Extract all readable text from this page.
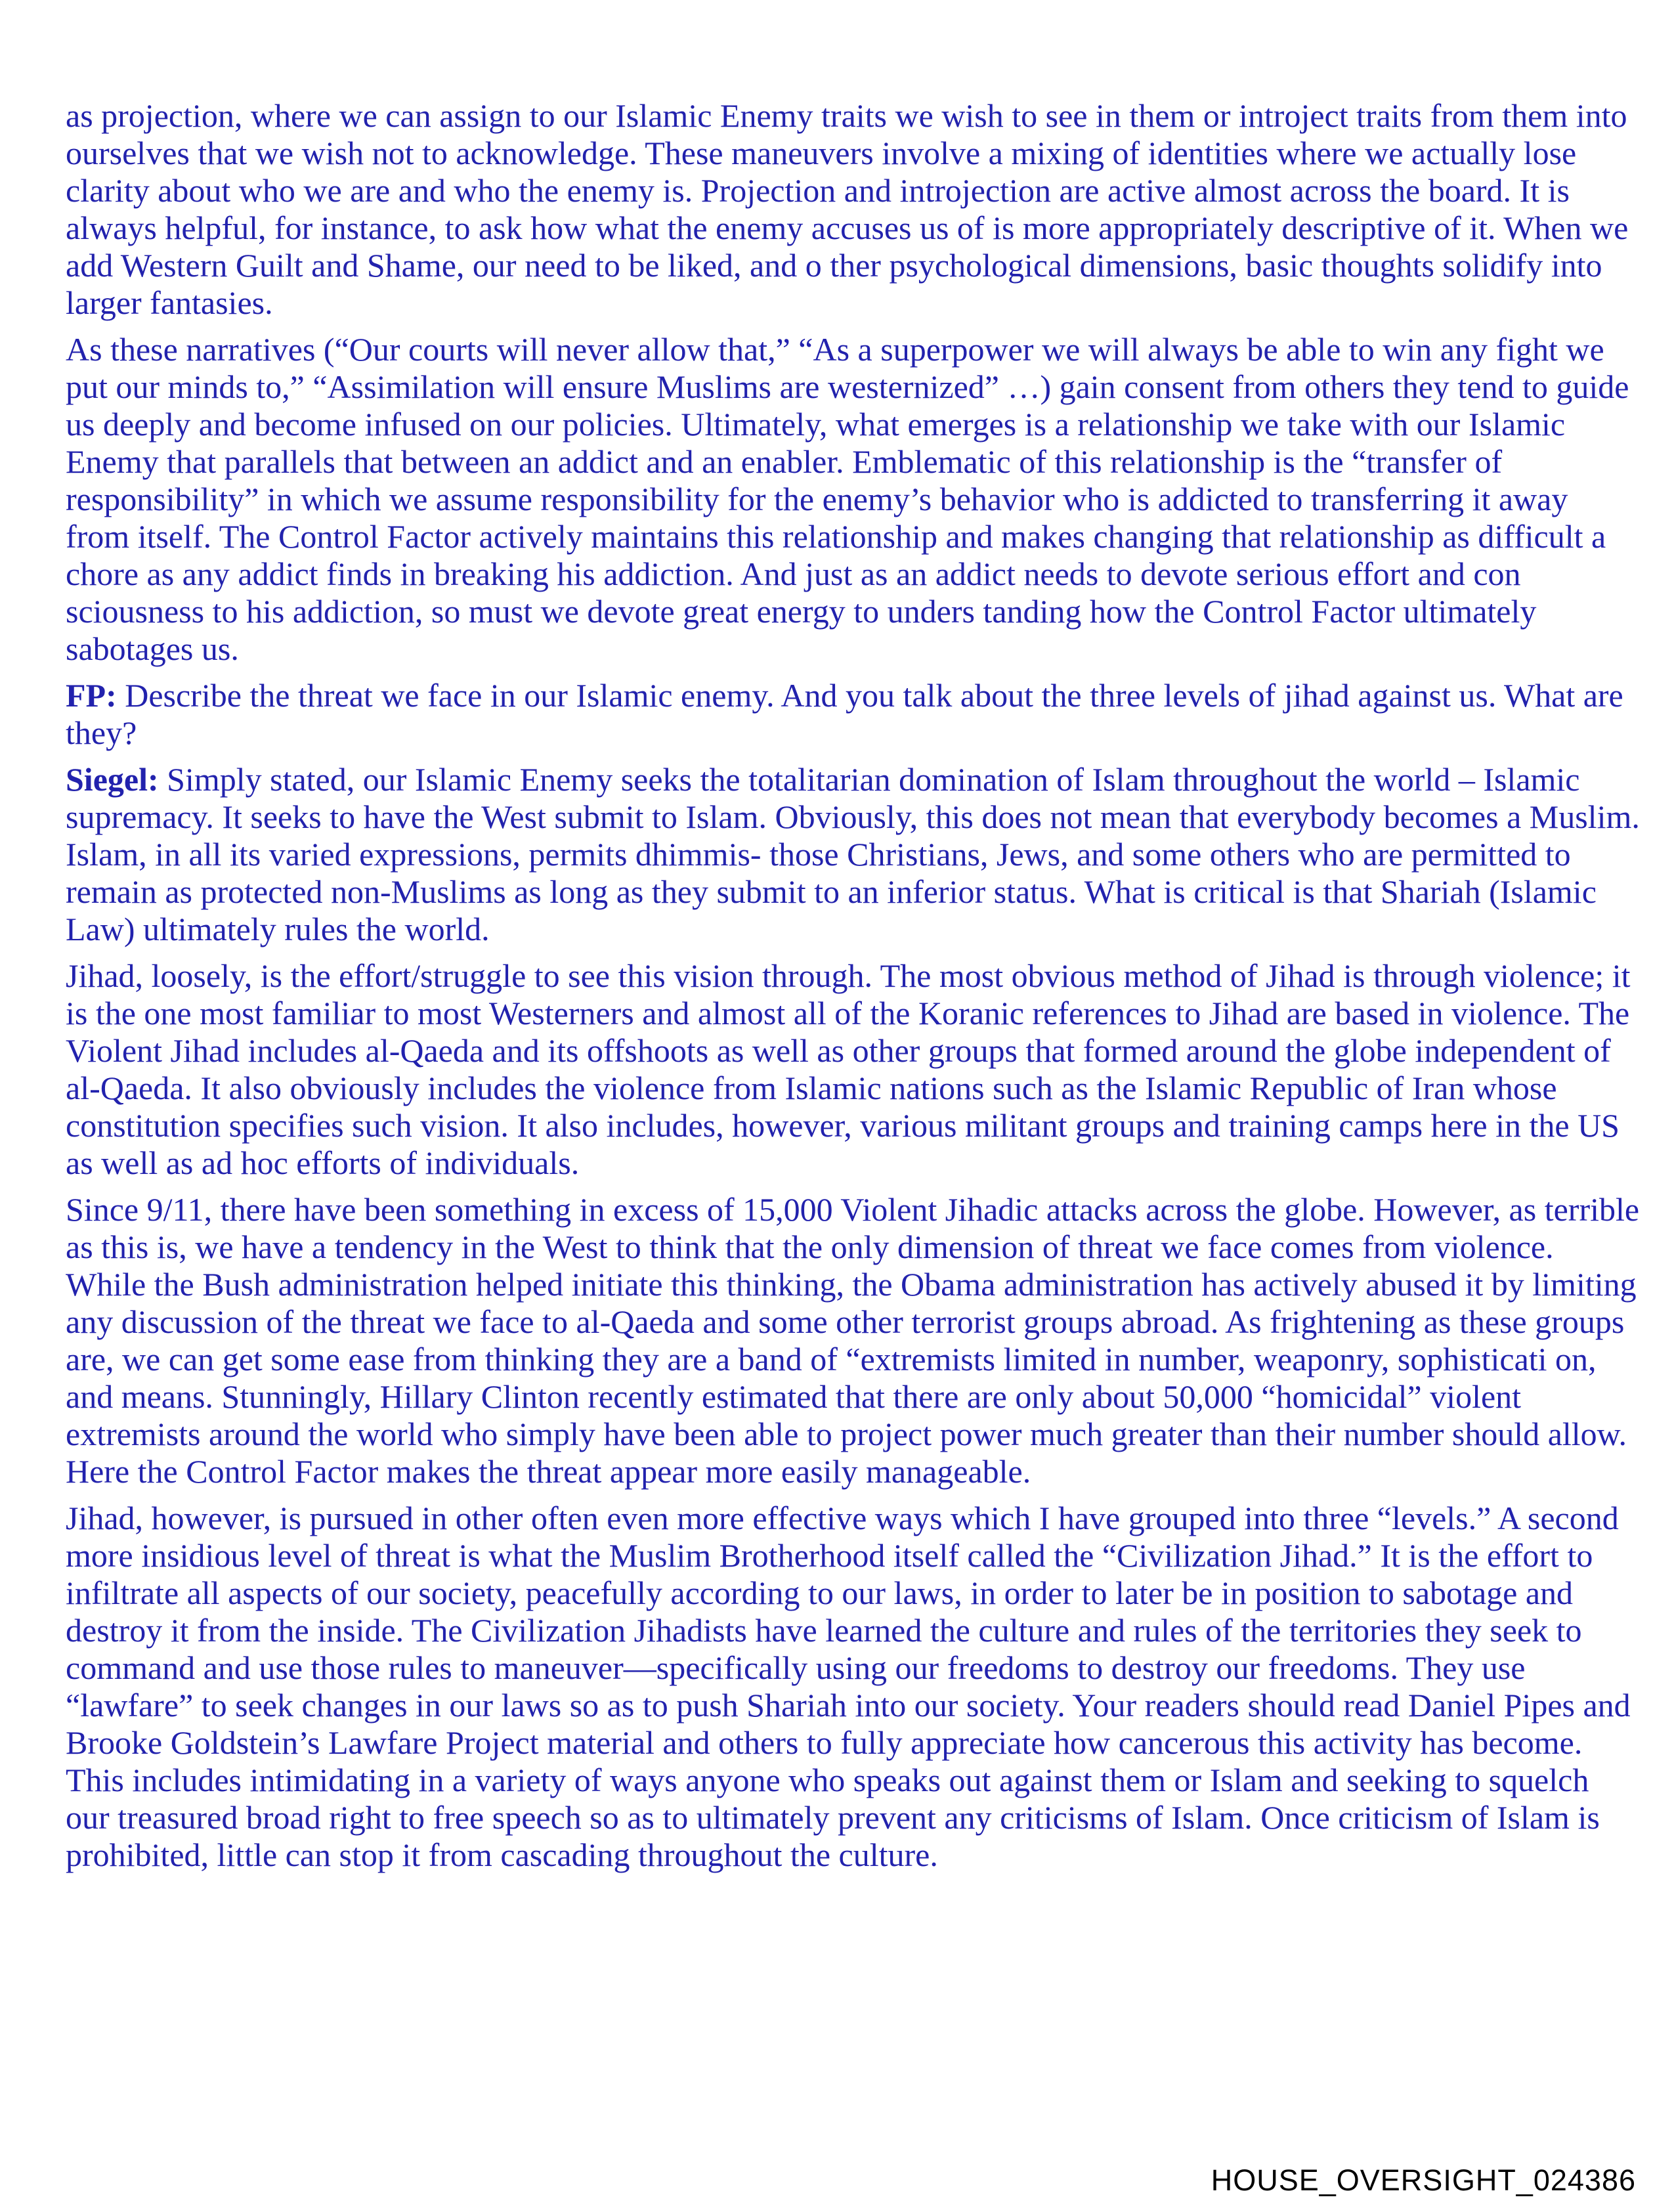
as projection, where we can assign to our Islamic Enemy traits we wish to see in them or introject traits from them into ourselves that we wish not to acknowledge. These maneuvers involve a mixing of identities where we actually lose clarity about who we are and who the enemy is. Projection and introjection are active almost across the board. It is always helpful, for instance, to ask how what the enemy accuses us of is more appropriately descriptive of it. When we add Western Guilt and Shame, our need to be liked, and o ther psychological dimensions, basic thoughts solidify into larger fantasies.

As these narratives (“Our courts will never allow that,” “As a superpower we will always be able to win any fight we put our minds to,” “Assimilation will ensure Muslims are westernized” …) gain consent from others they tend to guide us deeply and become infused on our policies. Ultimately, what emerges is a relationship we take with our Islamic Enemy that parallels that between an addict and an enabler. Emblematic of this relationship is the “transfer of responsibility” in which we assume responsibility for the enemy’s behavior who is addicted to transferring it away from itself. The Control Factor actively maintains this relationship and makes changing that relationship as difficult a chore as any addict finds in breaking his addiction. And just as an addict needs to devote serious effort and con sciousness to his addiction, so must we devote great energy to unders tanding how the Control Factor ultimately sabotages us.

FP: Describe the threat we face in our Islamic enemy. And you talk about the three levels of jihad against us. What are they?

Siegel: Simply stated, our Islamic Enemy seeks the totalitarian domination of Islam throughout the world – Islamic supremacy. It seeks to have the West submit to Islam. Obviously, this does not mean that everybody becomes a Muslim. Islam, in all its varied expressions, permits dhimmis- those Christians, Jews, and some others who are permitted to remain as protected non-Muslims as long as they submit to an inferior status. What is critical is that Shariah (Islamic Law) ultimately rules the world.

Jihad, loosely, is the effort/struggle to see this vision through. The most obvious method of Jihad is through violence; it is the one most familiar to most Westerners and almost all of the Koranic references to Jihad are based in violence. The Violent Jihad includes al-Qaeda and its offshoots as well as other groups that formed around the globe independent of al-Qaeda. It also obviously includes the violence from Islamic nations such as the Islamic Republic of Iran whose constitution specifies such vision. It also includes, however, various militant groups and training camps here in the US as well as ad hoc efforts of individuals.

Since 9/11, there have been something in excess of 15,000 Violent Jihadic attacks across the globe. However, as terrible as this is, we have a tendency in the West to think that the only dimension of threat we face comes from violence. While the Bush administration helped initiate this thinking, the Obama administration has actively abused it by limiting any discussion of the threat we face to al-Qaeda and some other terrorist groups abroad. As frightening as these groups are, we can get some ease from thinking they are a band of “extremists limited in number, weaponry, sophisticati on, and means. Stunningly, Hillary Clinton recently estimated that there are only about 50,000 “homicidal” violent extremists around the world who simply have been able to project power much greater than their number should allow. Here the Control Factor makes the threat appear more easily manageable.

Jihad, however, is pursued in other often even more effective ways which I have grouped into three “levels.” A second more insidious level of threat is what the Muslim Brotherhood itself called the “Civilization Jihad.” It is the effort to infiltrate all aspects of our society, peacefully according to our laws, in order to later be in position to sabotage and destroy it from the inside. The Civilization Jihadists have learned the culture and rules of the territories they seek to command and use those rules to maneuver—specifically using our freedoms to destroy our freedoms. They use “lawfare” to seek changes in our laws so as to push Shariah into our society. Your readers should read Daniel Pipes and Brooke Goldstein’s Lawfare Project material and others to fully appreciate how cancerous this activity has become. This includes intimidating in a variety of ways anyone who speaks out against them or Islam and seeking to squelch our treasured broad right to free speech so as to ultimately prevent any criticisms of Islam. Once criticism of Islam is prohibited, little can stop it from cascading throughout the culture.

HOUSE_OVERSIGHT_024386
